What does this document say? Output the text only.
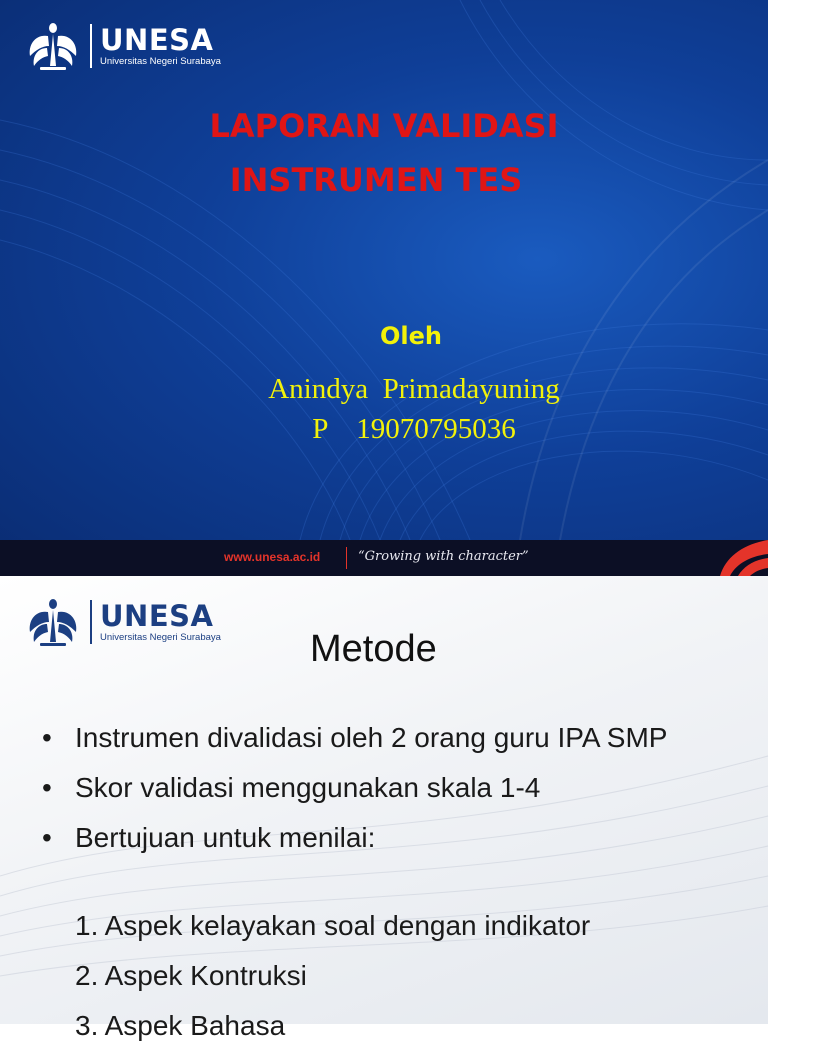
UNESA
Universitas Negeri Surabaya
LAPORAN VALIDASI
INSTRUMEN TES
Oleh
Anindya  Primadayuning
P    19070795036
www.unesa.ac.id	“Growing with character”
UNESA
Universitas Negeri Surabaya Metode
• Instrumen divalidasi oleh 2 orang guru IPA SMP
• Skor validasi menggunakan skala 1-4
• Bertujuan untuk menilai:
1. Aspek kelayakan soal dengan indikator
2. Aspek Kontruksi
3. Aspek Bahasa
